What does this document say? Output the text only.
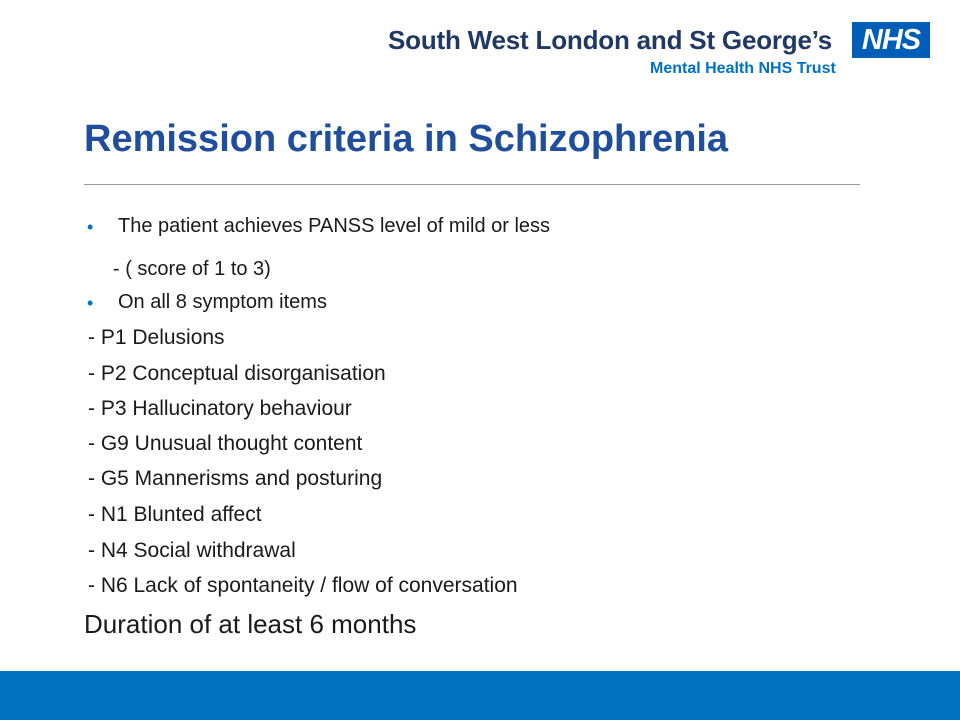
South West London and St George’s
Mental Health NHS Trust
NHS
Remission criteria in Schizophrenia
• The patient achieves PANSS level of mild or less
- ( score of 1 to 3)
• On all 8 symptom items
- P1 Delusions
- P2 Conceptual disorganisation
- P3 Hallucinatory behaviour
- G9 Unusual thought content
- G5 Mannerisms and posturing
- N1 Blunted affect
- N4 Social withdrawal
- N6 Lack of spontaneity / flow of conversation
Duration of at least 6 months
